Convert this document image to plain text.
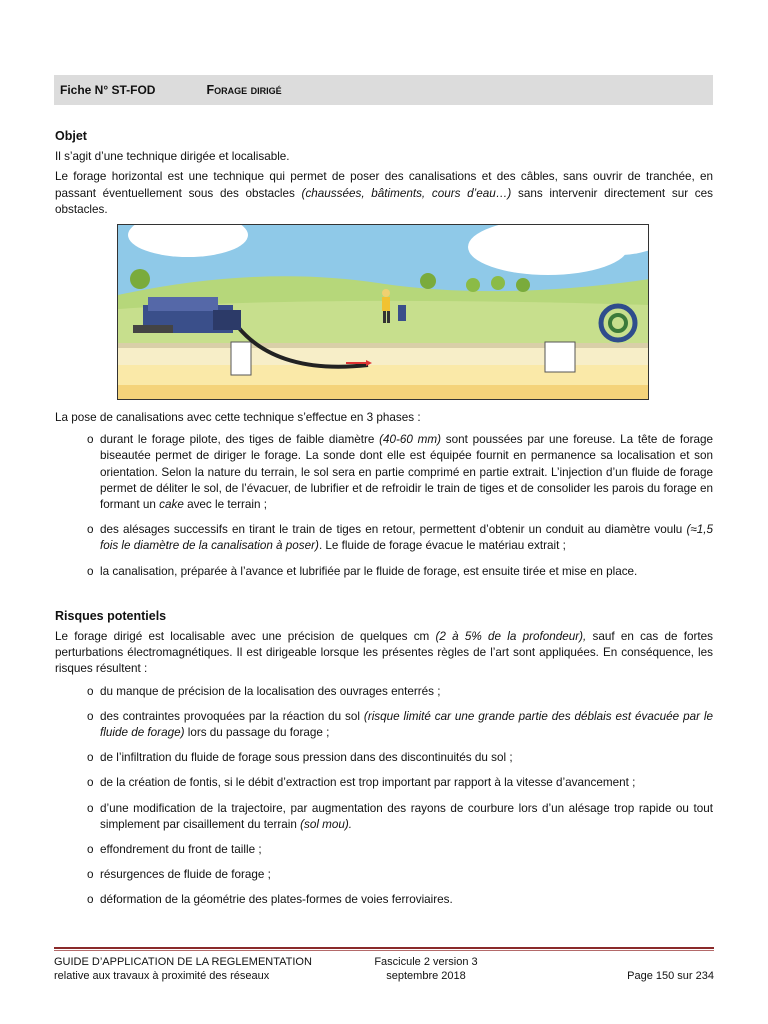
Fiche N° ST-FOD	Forage dirigé
Objet

Il s’agit d’une technique dirigée et localisable.

Le forage horizontal est une technique qui permet de poser des canalisations et des câbles, sans ouvrir de tranchée, en passant éventuellement sous des obstacles (chaussées, bâtiments, cours d’eau…) sans intervenir directement sur ces obstacles.

La pose de canalisations avec cette technique s’effectue en 3 phases :

o durant le forage pilote, des tiges de faible diamètre (40-60 mm) sont poussées par une foreuse. La tête de forage biseautée permet de diriger le forage. La sonde dont elle est équipée fournit en permanence sa localisation et son orientation. Selon la nature du terrain, le sol sera en partie comprimé en partie extrait. L’injection d’un fluide de forage permet de déliter le sol, de l’évacuer, de lubrifier et de refroidir le train de tiges et de consolider les parois du forage en formant un cake avec le terrain ;
o des alésages successifs en tirant le train de tiges en retour, permettent d’obtenir un conduit au diamètre voulu (≈1,5 fois le diamètre de la canalisation à poser). Le fluide de forage évacue le matériau extrait ;
o la canalisation, préparée à l’avance et lubrifiée par le fluide de forage, est ensuite tirée et mise en place.
Risques potentiels

Le forage dirigé est localisable avec une précision de quelques cm (2 à 5% de la profondeur), sauf en cas de fortes perturbations électromagnétiques. Il est dirigeable lorsque les présentes règles de l’art sont appliquées. En conséquence, les risques résultent :

o du manque de précision de la localisation des ouvrages enterrés ;
o des contraintes provoquées par la réaction du sol (risque limité car une grande partie des déblais est évacuée par le fluide de forage) lors du passage du forage ;
o de l’infiltration du fluide de forage sous pression dans des discontinuités du sol ;
o de la création de fontis, si le débit d’extraction est trop important par rapport à la vitesse d’avancement ;
o d’une modification de la trajectoire, par augmentation des rayons de courbure lors d’un alésage trop rapide ou tout simplement par cisaillement du terrain (sol mou).
o effondrement du front de taille ;
o résurgences de fluide de forage ;
o déformation de la géométrie des plates-formes de voies ferroviaires.
GUIDE D’APPLICATION DE LA REGLEMENTATION
relative aux travaux à proximité des réseaux
Fascicule 2 version 3
septembre 2018	Page 150 sur 234
